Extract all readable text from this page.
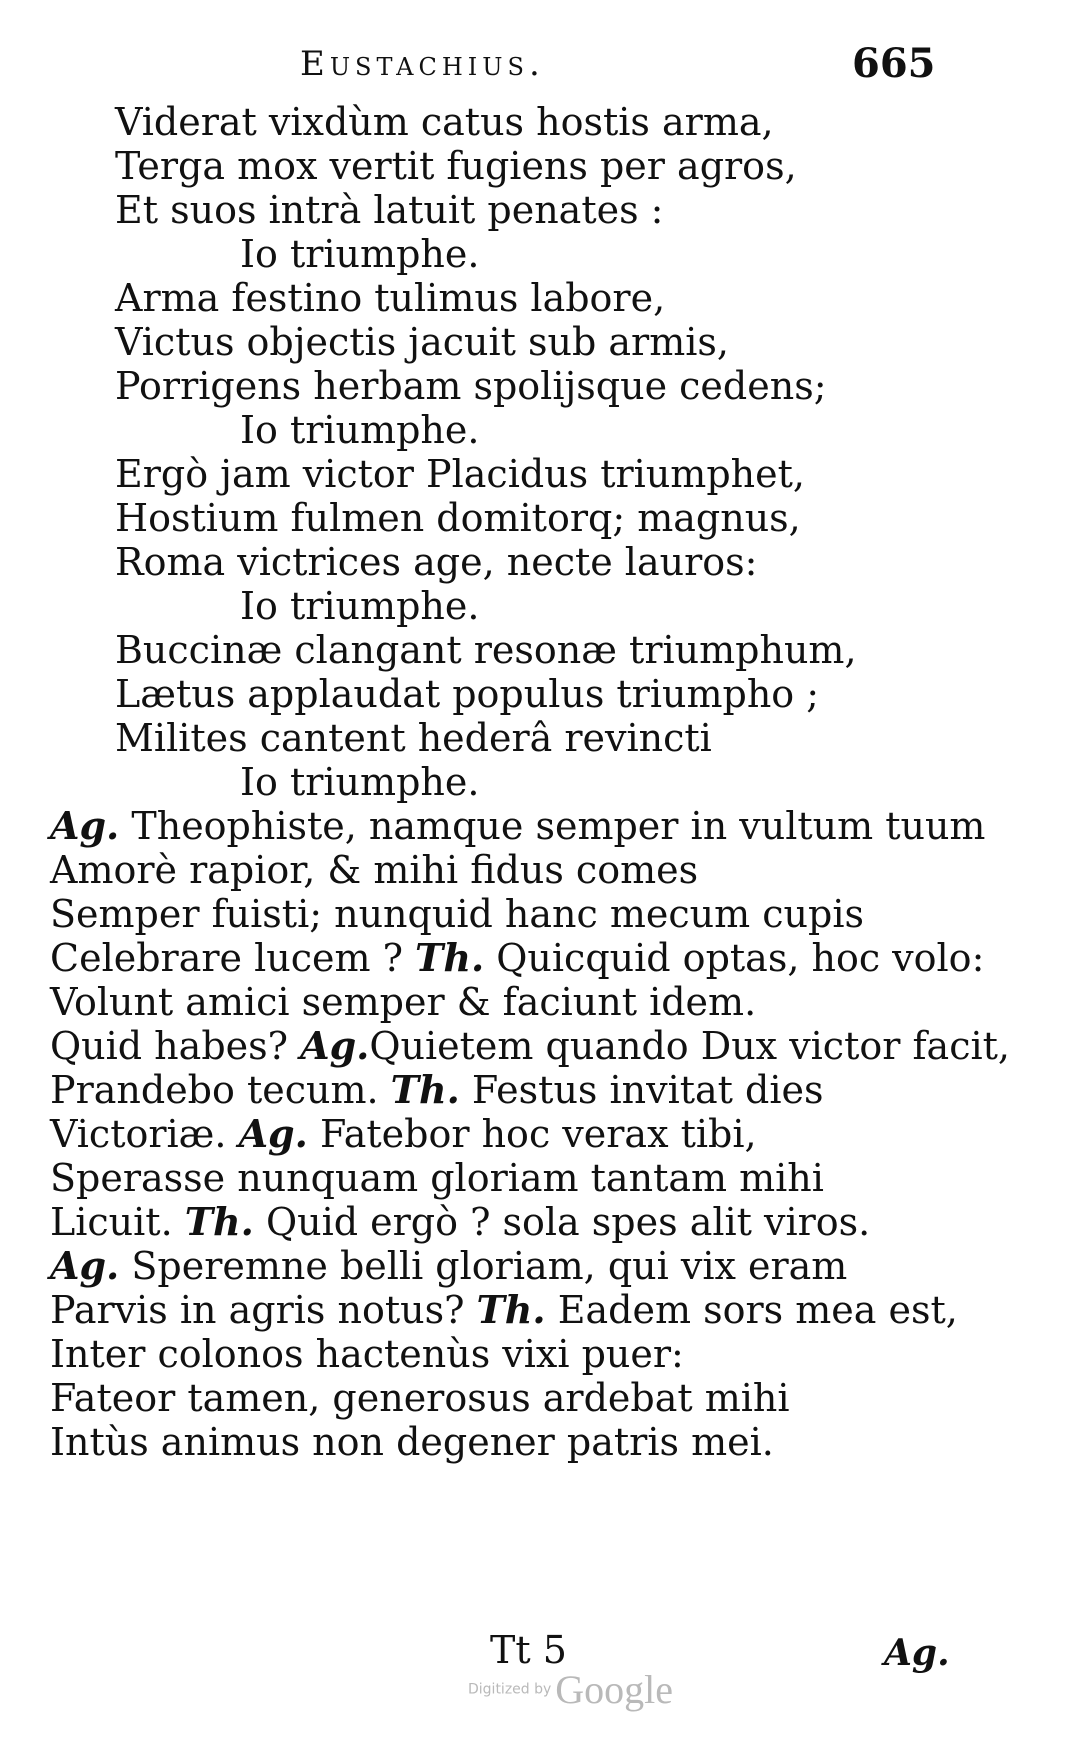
Eustachius.	665
Viderat vixdùm catus hostis arma,
Terga mox vertit fugiens per agros,
Et suos intrà latuit penates :
Io triumphe.
Arma festino tulimus labore,
Victus objectis jacuit sub armis,
Porrigens herbam spolijsque cedens;
Io triumphe.
Ergò jam victor Placidus triumphet,
Hostium fulmen domitorq; magnus,
Roma victrices age, necte lauros:
Io triumphe.
Buccinæ clangant resonæ triumphum,
Lætus applaudat populus triumpho ;
Milites cantent hederâ revincti
Io triumphe.
Ag. Theophiste, namque semper in vultum tuum
Amorè rapior, & mihi fidus comes
Semper fuisti; nunquid hanc mecum cupis
Celebrare lucem ? Th. Quicquid optas, hoc volo:
Volunt amici semper & faciunt idem.
Quid habes? Ag.Quietem quando Dux victor facit,
Prandebo tecum. Th. Festus invitat dies
Victoriæ. Ag. Fatebor hoc verax tibi,
Sperasse nunquam gloriam tantam mihi
Licuit. Th. Quid ergò ? sola spes alit viros.
Ag. Speremne belli gloriam, qui vix eram
Parvis in agris notus? Th. Eadem sors mea est,
Inter colonos hactenùs vixi puer:
Fateor tamen, generosus ardebat mihi
Intùs animus non degener patris mei.
Tt 5	Ag.
Digitized by Google
